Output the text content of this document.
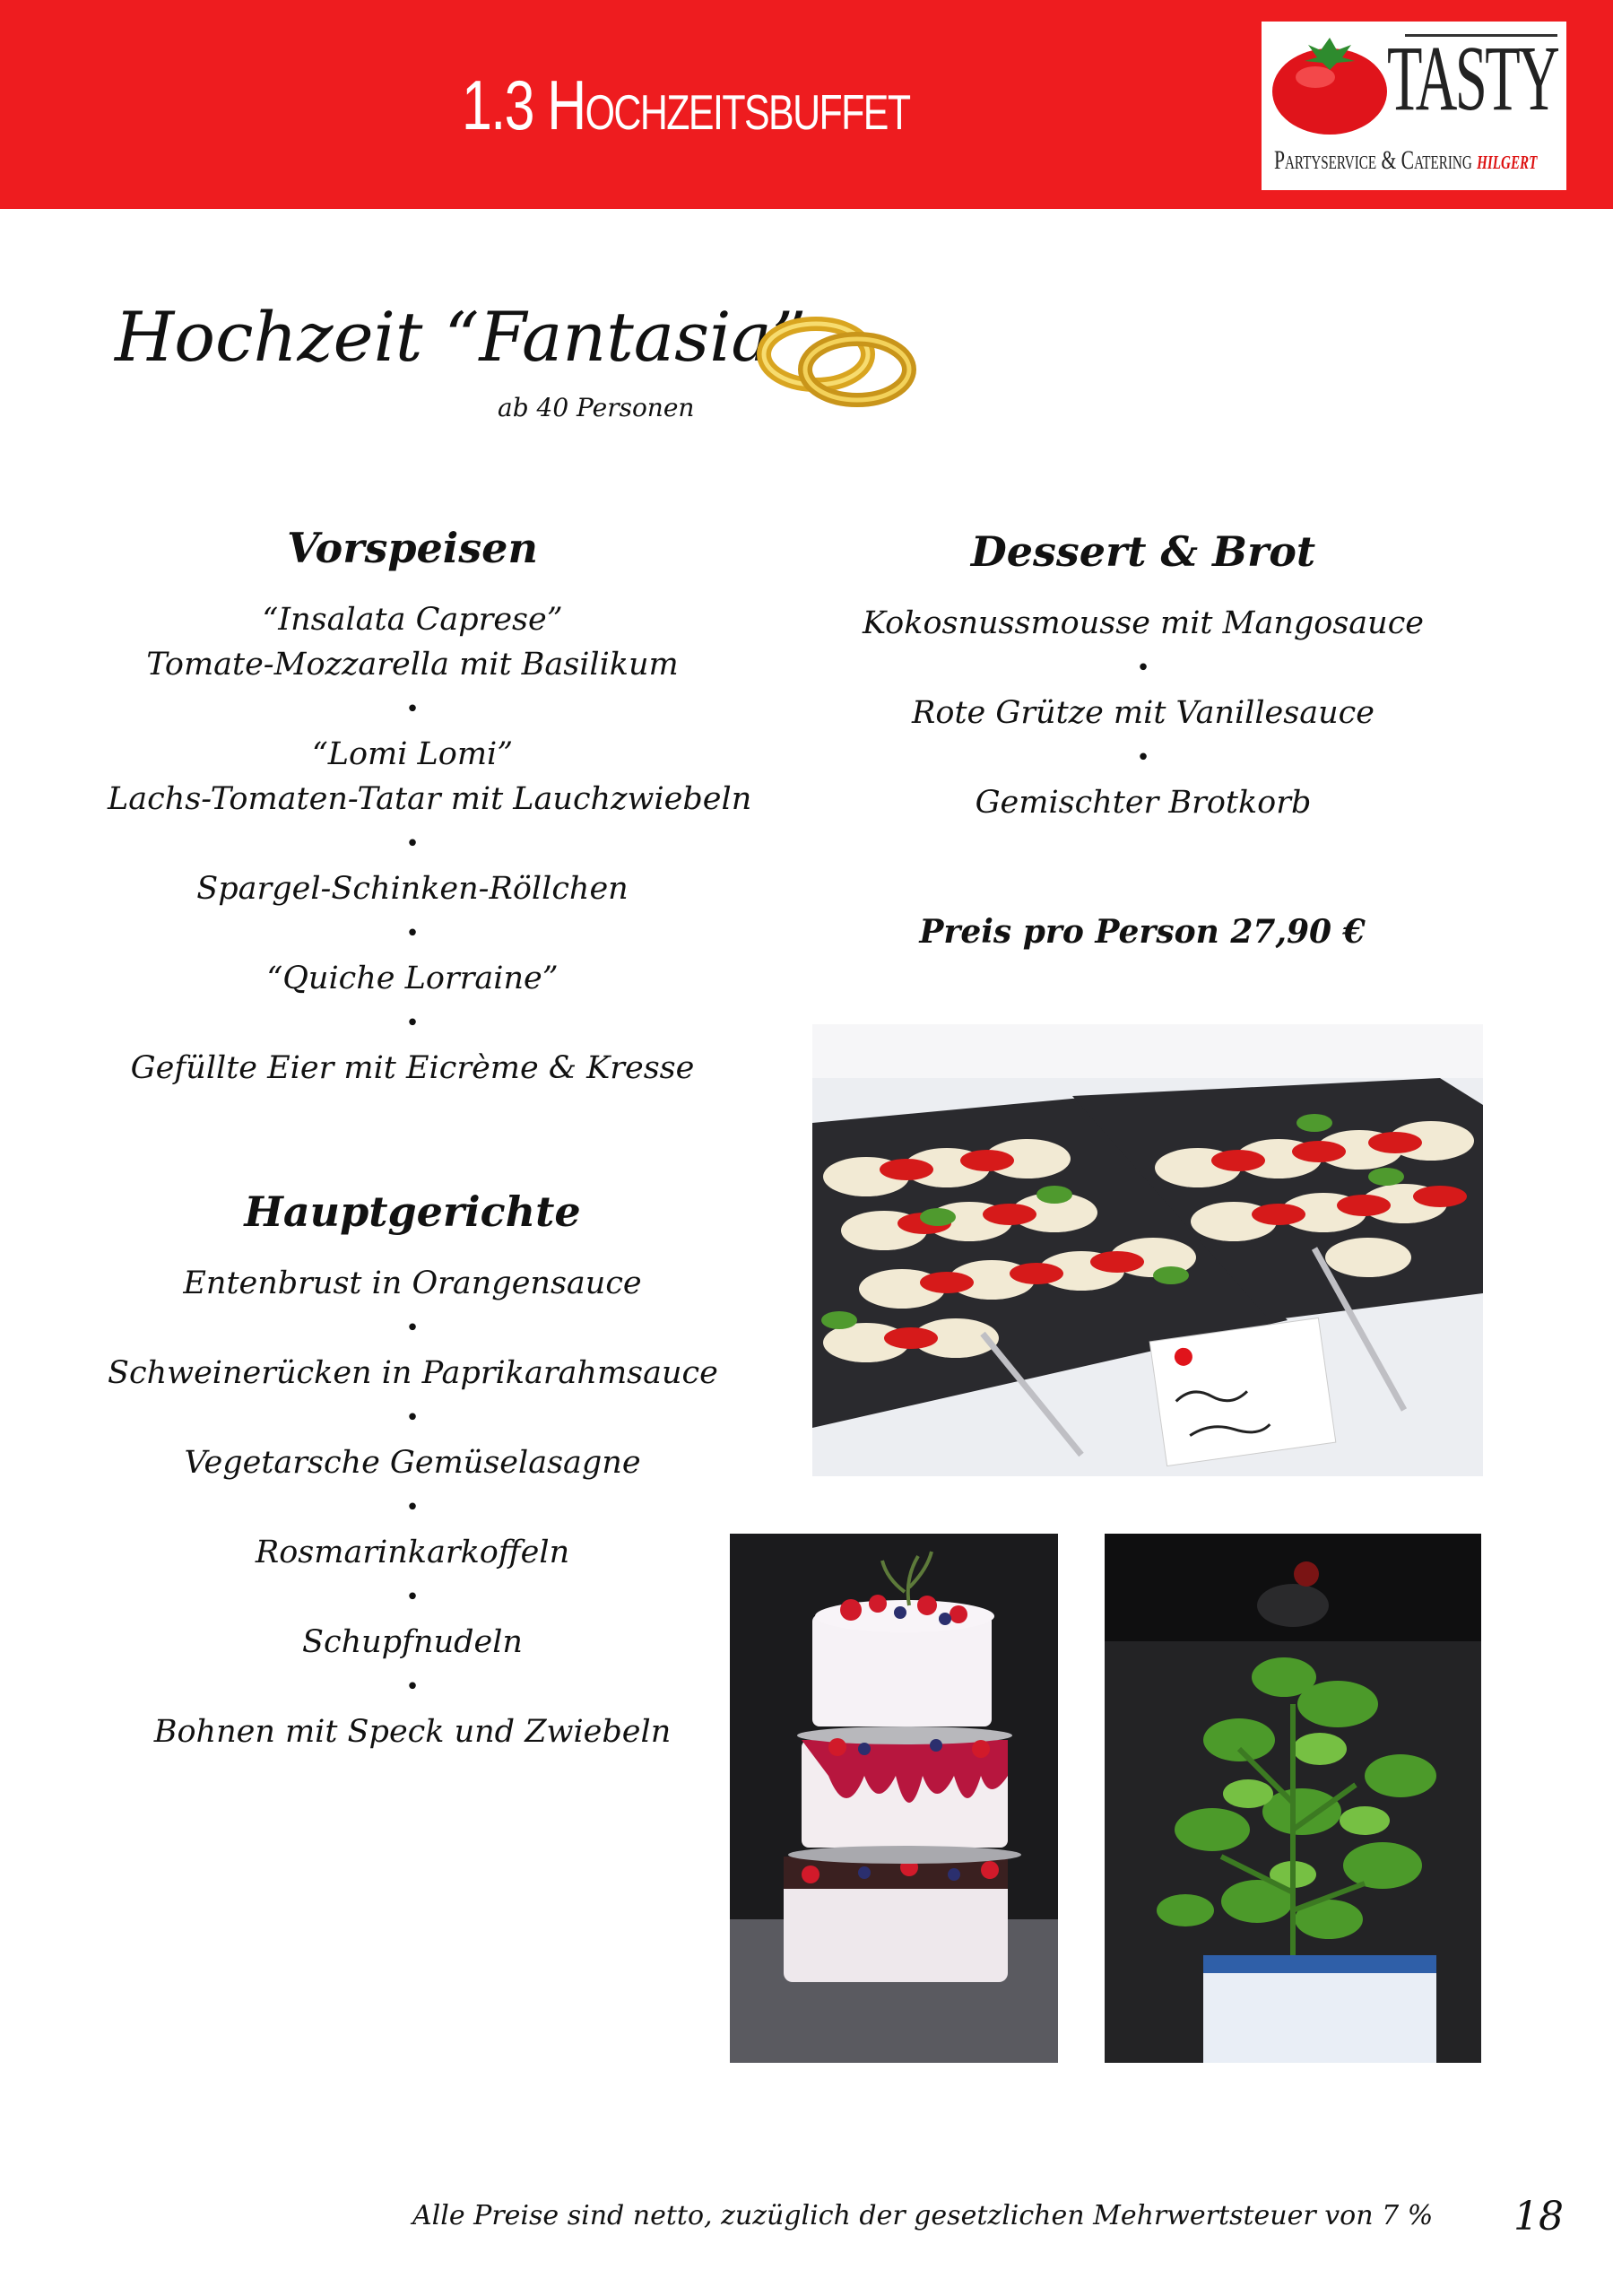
1.3 Hochzeitsbuffet	TASTY
Partyservice & Catering hilgert
Hochzeit “Fantasia”
ab 40 Personen
Vorspeisen
“Insalata Caprese”
Tomate-Mozzarella mit Basilikum
•
“Lomi Lomi”
Lachs-Tomaten-Tatar mit Lauchzwiebeln
•
Spargel-Schinken-Röllchen
•
“Quiche Lorraine”
•
Gefüllte Eier mit Eicrème & Kresse
Hauptgerichte
Entenbrust in Orangensauce
•
Schweinerücken in Paprikarahmsauce
•
Vegetarsche Gemüselasagne
•
Rosmarinkarkoffeln
•
Schupfnudeln
•
Bohnen mit Speck und Zwiebeln
Dessert & Brot
Kokosnussmousse mit Mangosauce
•
Rote Grütze mit Vanillesauce
•
Gemischter Brotkorb
Preis pro Person 27,90 €
Alle Preise sind netto, zuzüglich der gesetzlichen Mehrwertsteuer von 7 % 18
